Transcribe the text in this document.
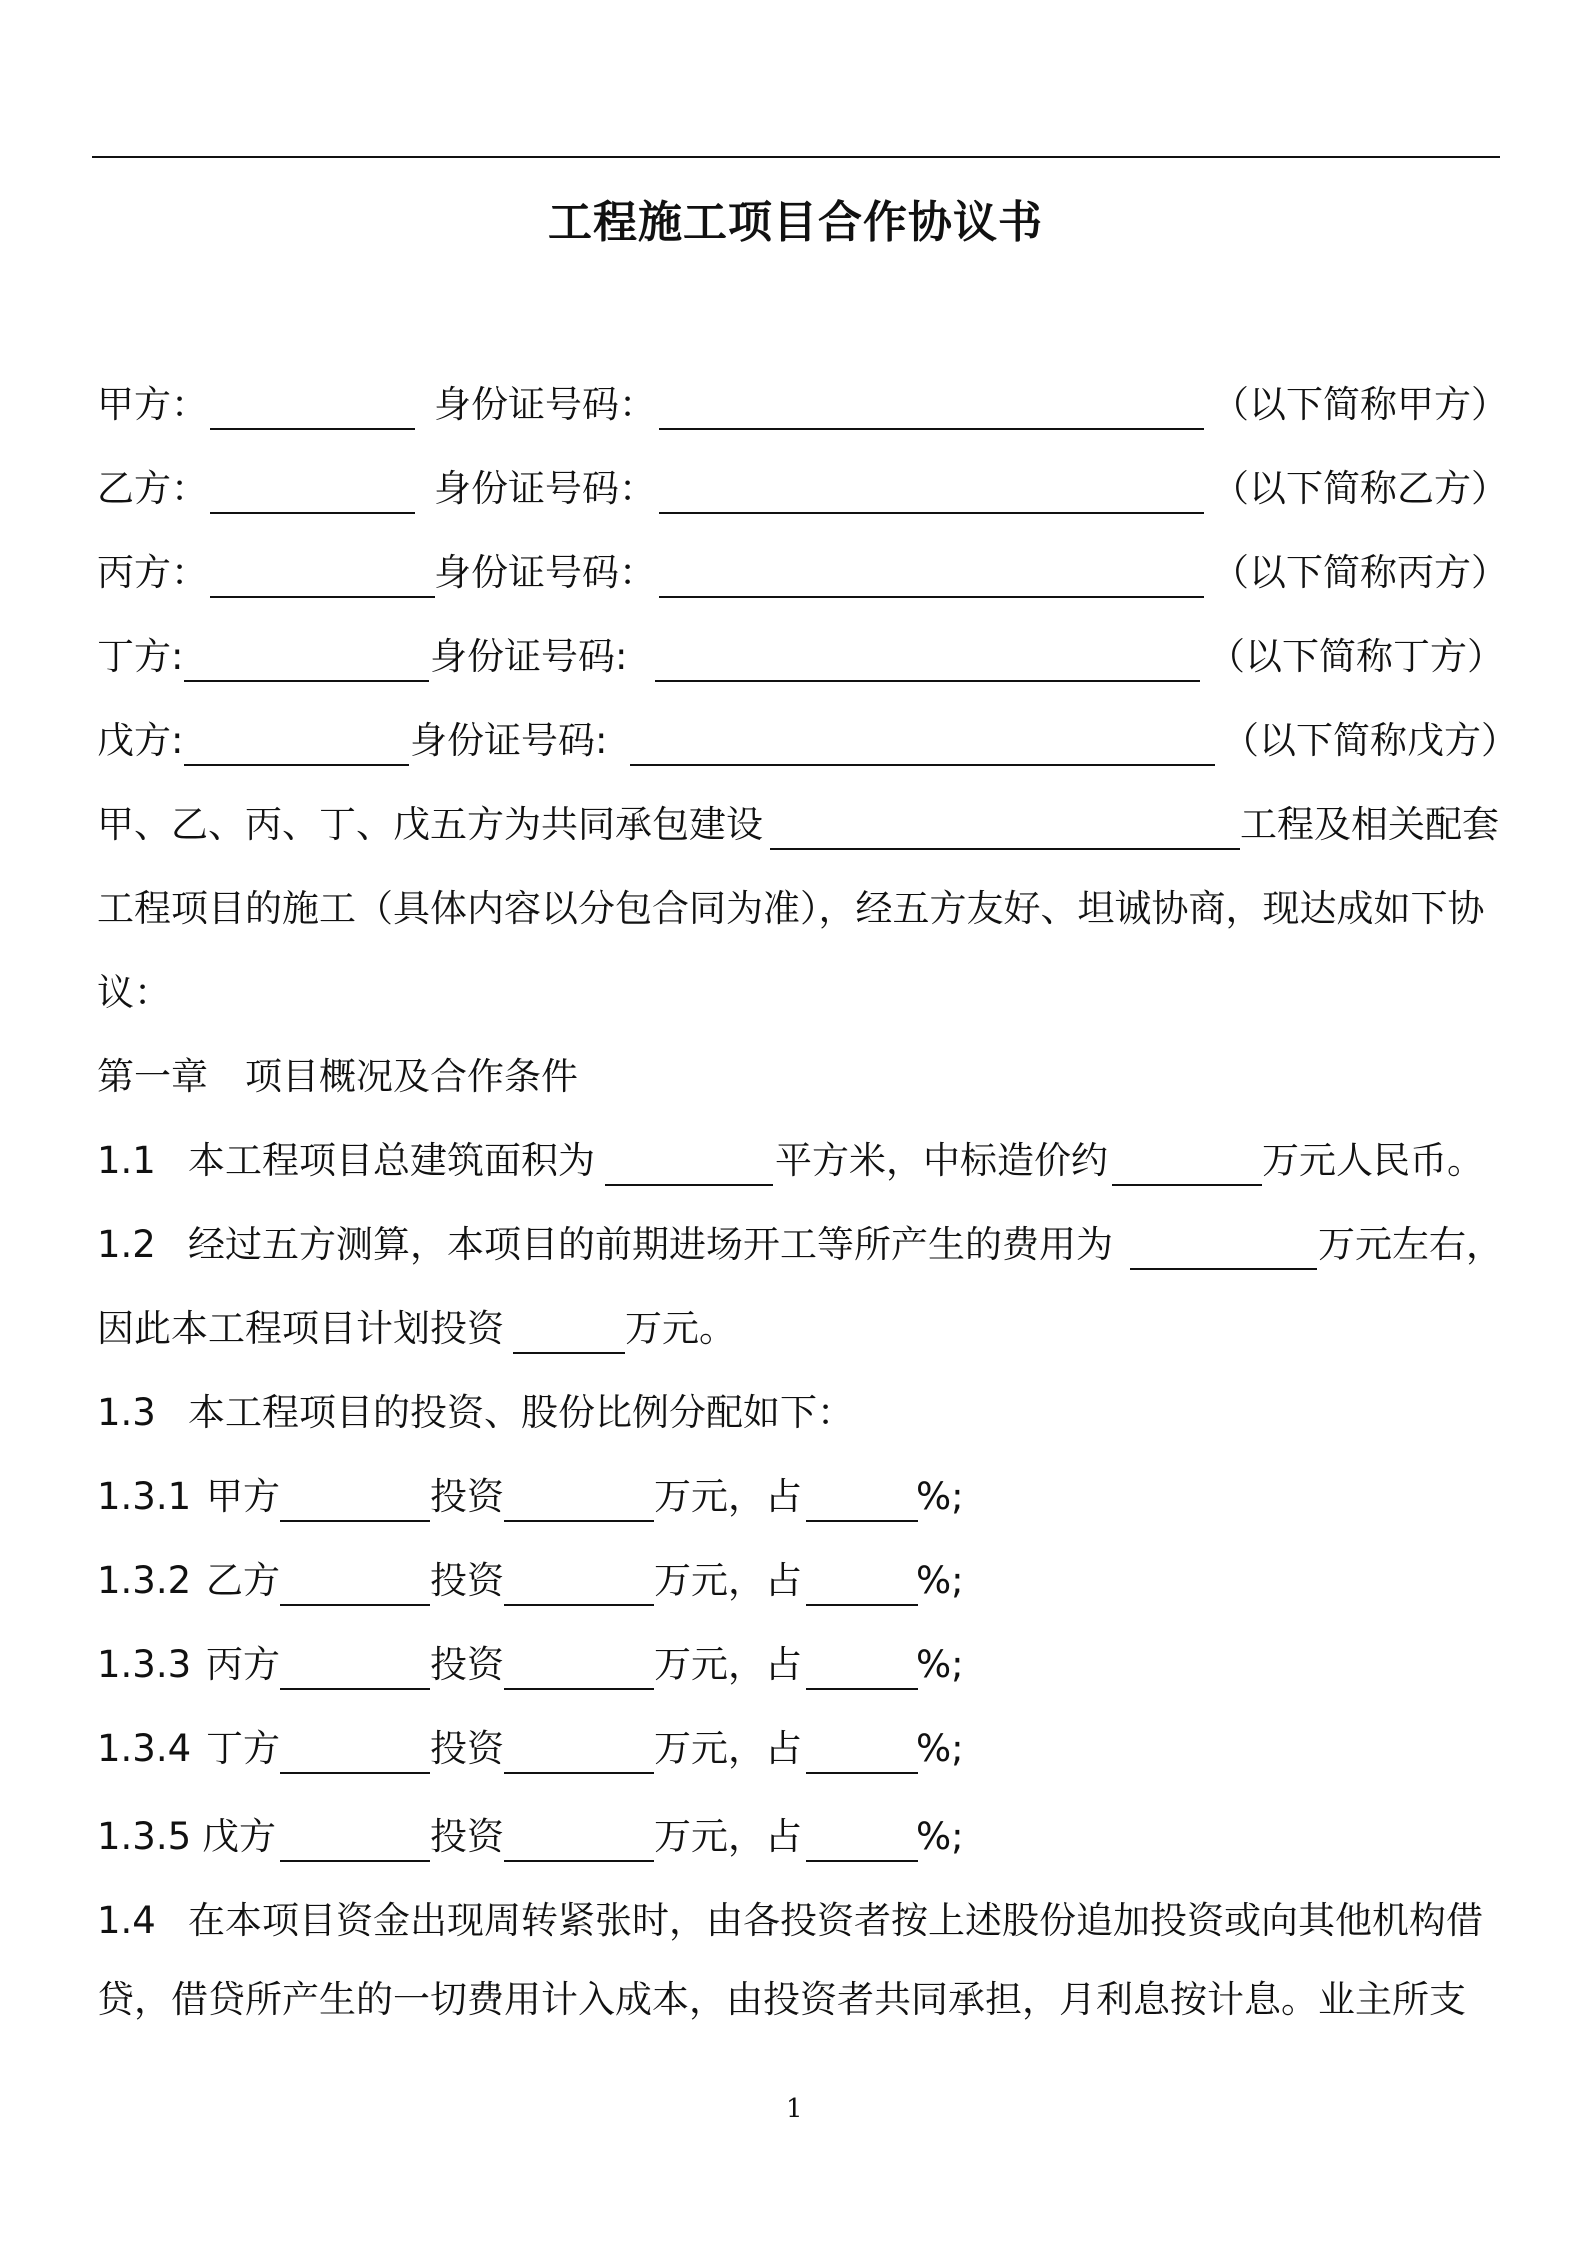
工程施工项目合作协议书
甲方：	身份证号码：	（以下简称甲方）
乙方：	身份证号码：	（以下简称乙方）
丙方：	身份证号码：	（以下简称丙方）
丁方:	身份证号码:	（以下简称丁方）
戊方:	身份证号码:	（以下简称戊方）
甲、乙、丙、丁、戊五方为共同承包建设	工程及相关配套
工程项目的施工（具体内容以分包合同为准），经五方友好、坦诚协商，现达成如下协
议：
第一章　项目概况及合作条件
1.1 本工程项目总建筑面积为	平方米，中标造价约	万元人民币。
1.2 经过五方测算，本项目的前期进场开工等所产生的费用为	万元左右，
因此本工程项目计划投资	万元。
1.3 本工程项目的投资、股份比例分配如下：
1.3.1 甲方	投资	万元，占	%;
1.3.2 乙方	投资	万元，占	%;
1.3.3 丙方	投资	万元，占	%;
1.3.4 丁方	投资	万元，占	%;
1.3.5 戊方	投资	万元，占	%;
1.4 在本项目资金出现周转紧张时，由各投资者按上述股份追加投资或向其他机构借
贷，借贷所产生的一切费用计入成本，由投资者共同承担，月利息按计息。业主所支
1
